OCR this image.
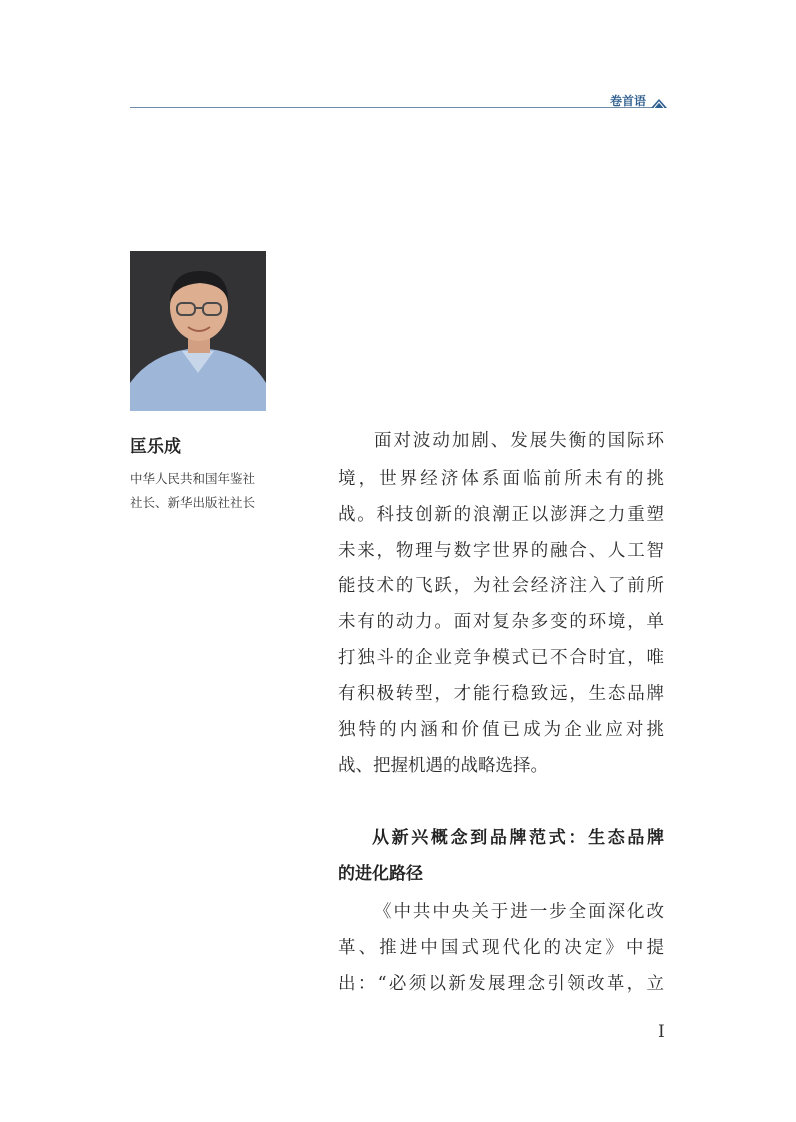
卷首语
匡乐成
中华人民共和国年鉴社
社长、新华出版社社长
面对波动加剧、发展失衡的国际环
境，世界经济体系面临前所未有的挑
战。科技创新的浪潮正以澎湃之力重塑
未来，物理与数字世界的融合、人工智
能技术的飞跃，为社会经济注入了前所
未有的动力。面对复杂多变的环境，单
打独斗的企业竞争模式已不合时宜，唯
有积极转型，才能行稳致远，生态品牌
独特的内涵和价值已成为企业应对挑
战、把握机遇的战略选择。
从新兴概念到品牌范式：生态品牌
的进化路径
《中共中央关于进一步全面深化改
革、推进中国式现代化的决定》中提
出：“必须以新发展理念引领改革，立
I
